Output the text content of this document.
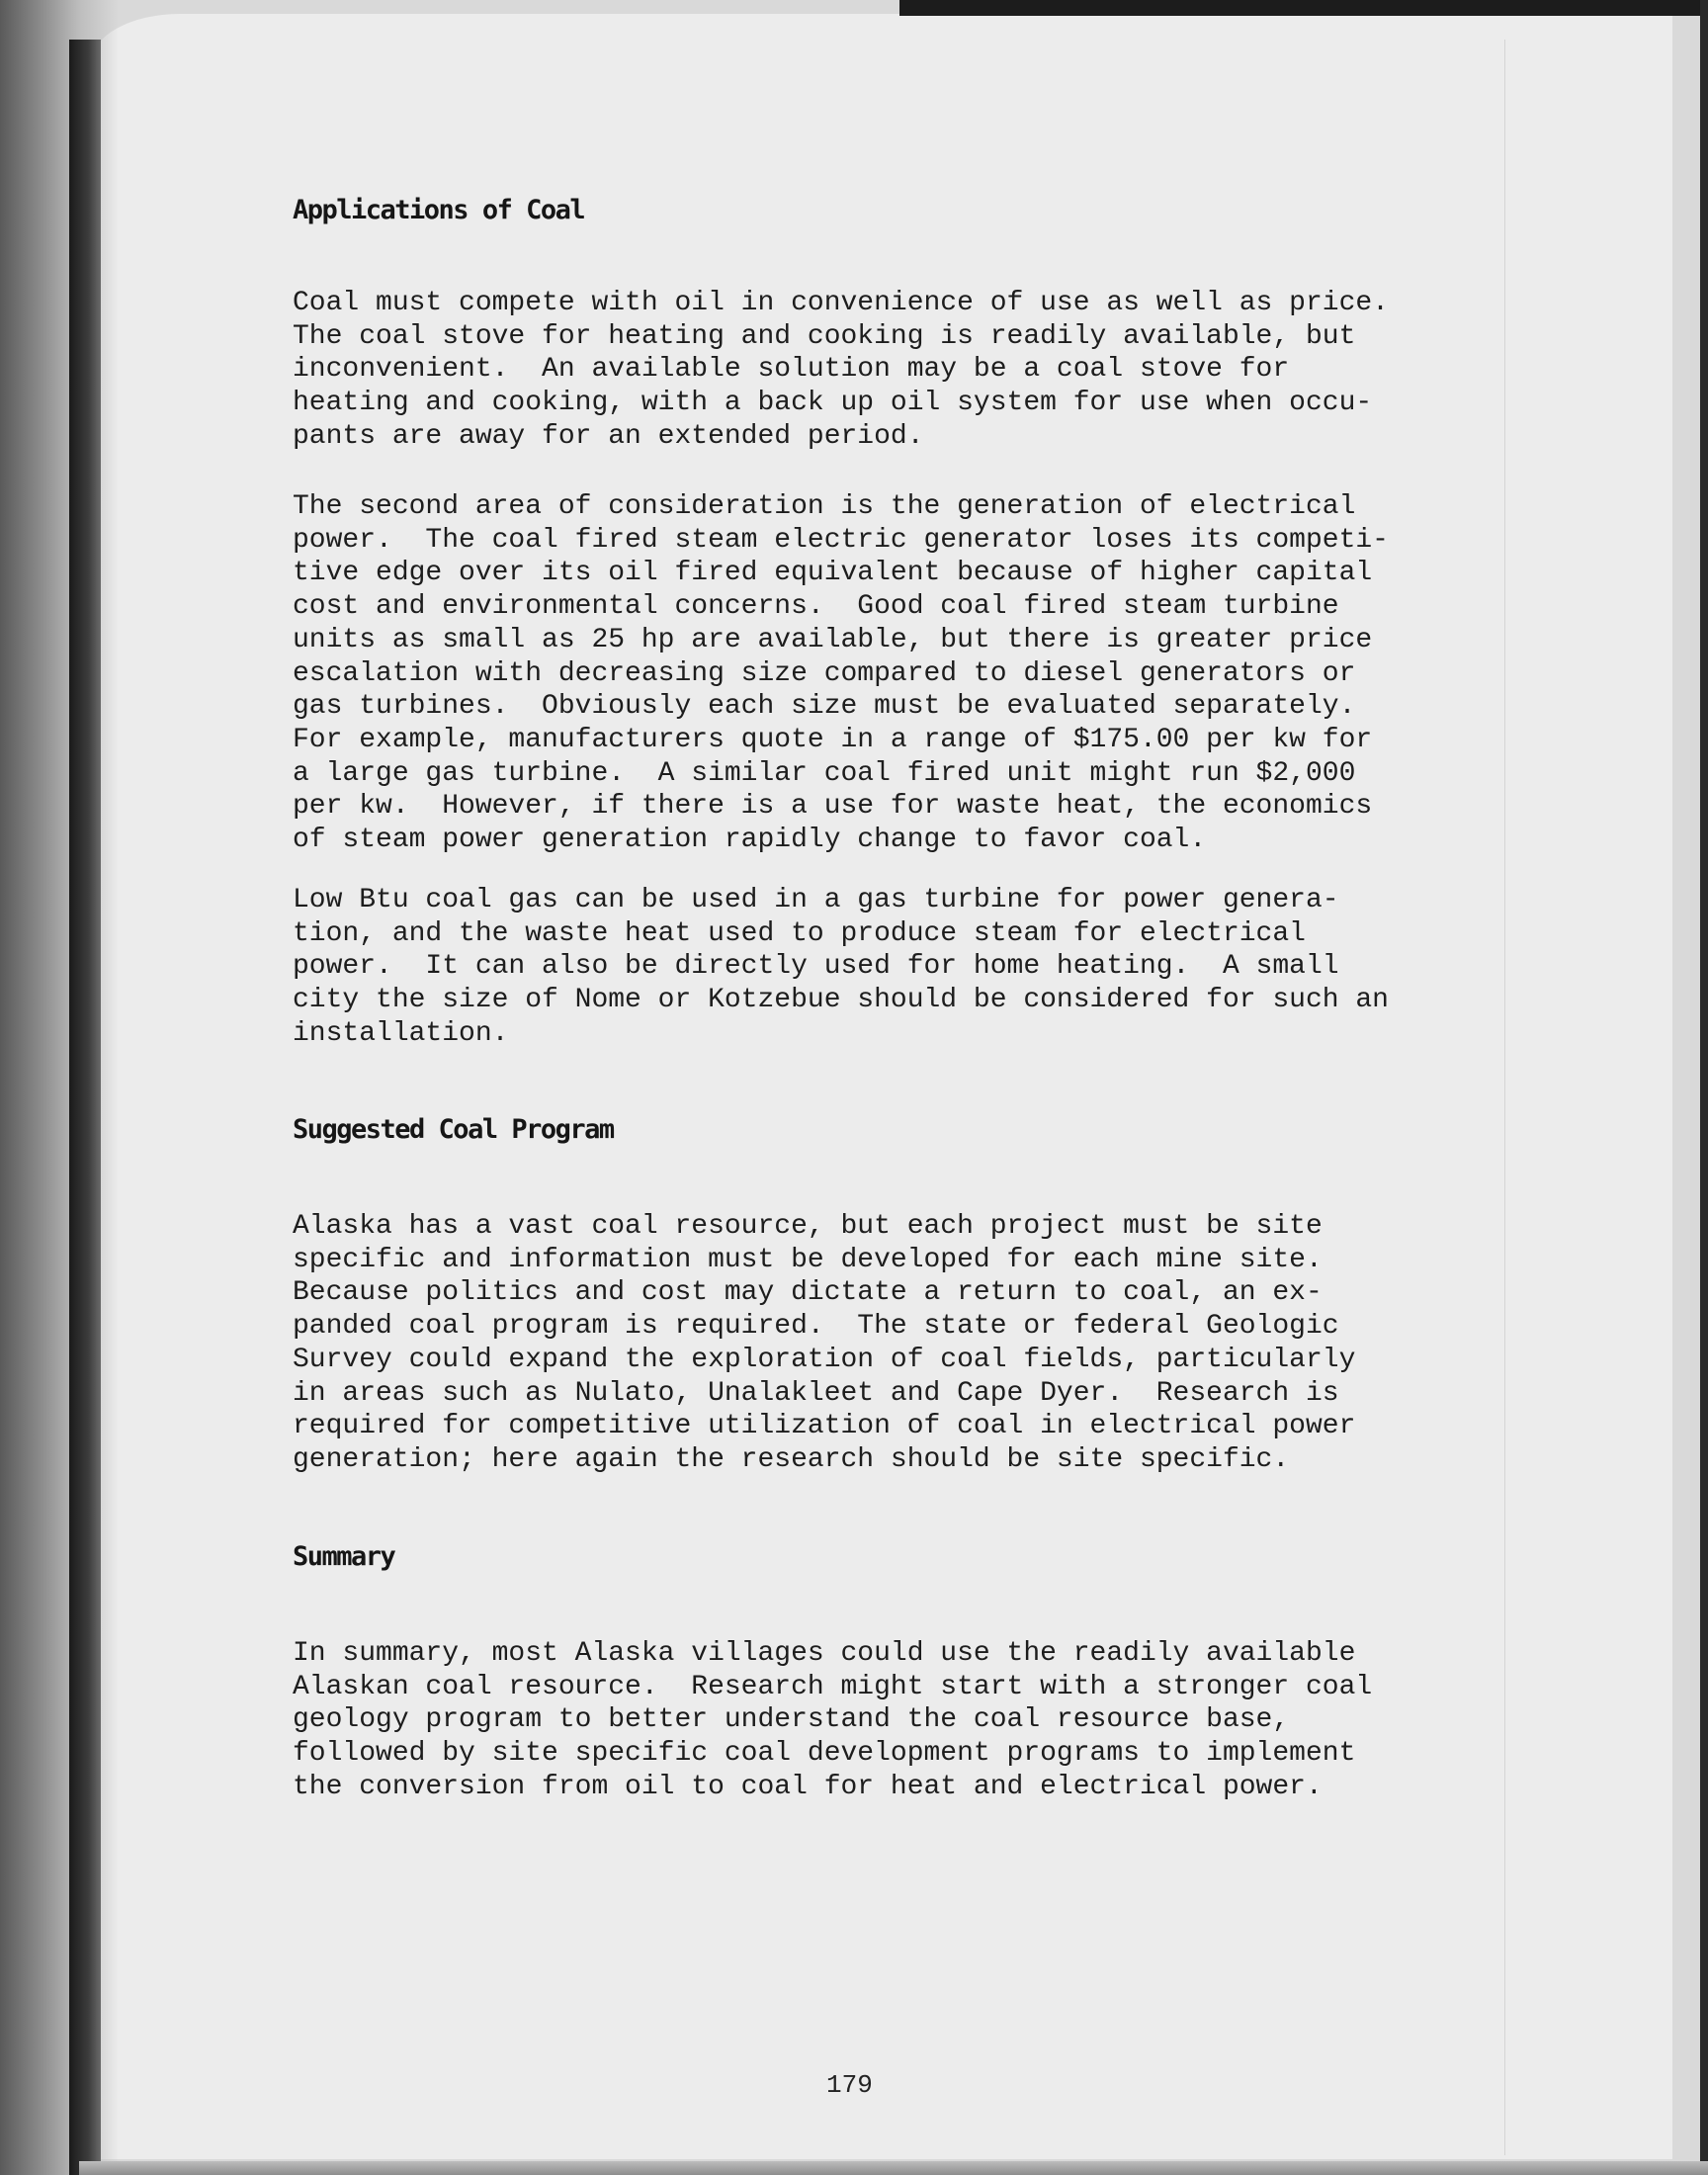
Applications of Coal

Coal must compete with oil in convenience of use as well as price.
The coal stove for heating and cooking is readily available, but
inconvenient.  An available solution may be a coal stove for
heating and cooking, with a back up oil system for use when occu-
pants are away for an extended period.

The second area of consideration is the generation of electrical
power.  The coal fired steam electric generator loses its competi-
tive edge over its oil fired equivalent because of higher capital
cost and environmental concerns.  Good coal fired steam turbine
units as small as 25 hp are available, but there is greater price
escalation with decreasing size compared to diesel generators or
gas turbines.  Obviously each size must be evaluated separately.
For example, manufacturers quote in a range of $175.00 per kw for
a large gas turbine.  A similar coal fired unit might run $2,000
per kw.  However, if there is a use for waste heat, the economics
of steam power generation rapidly change to favor coal.

Low Btu coal gas can be used in a gas turbine for power genera-
tion, and the waste heat used to produce steam for electrical
power.  It can also be directly used for home heating.  A small
city the size of Nome or Kotzebue should be considered for such an
installation.

Suggested Coal Program

Alaska has a vast coal resource, but each project must be site
specific and information must be developed for each mine site.
Because politics and cost may dictate a return to coal, an ex-
panded coal program is required.  The state or federal Geologic
Survey could expand the exploration of coal fields, particularly
in areas such as Nulato, Unalakleet and Cape Dyer.  Research is
required for competitive utilization of coal in electrical power
generation; here again the research should be site specific.

Summary

In summary, most Alaska villages could use the readily available
Alaskan coal resource.  Research might start with a stronger coal
geology program to better understand the coal resource base,
followed by site specific coal development programs to implement
the conversion from oil to coal for heat and electrical power.

179
